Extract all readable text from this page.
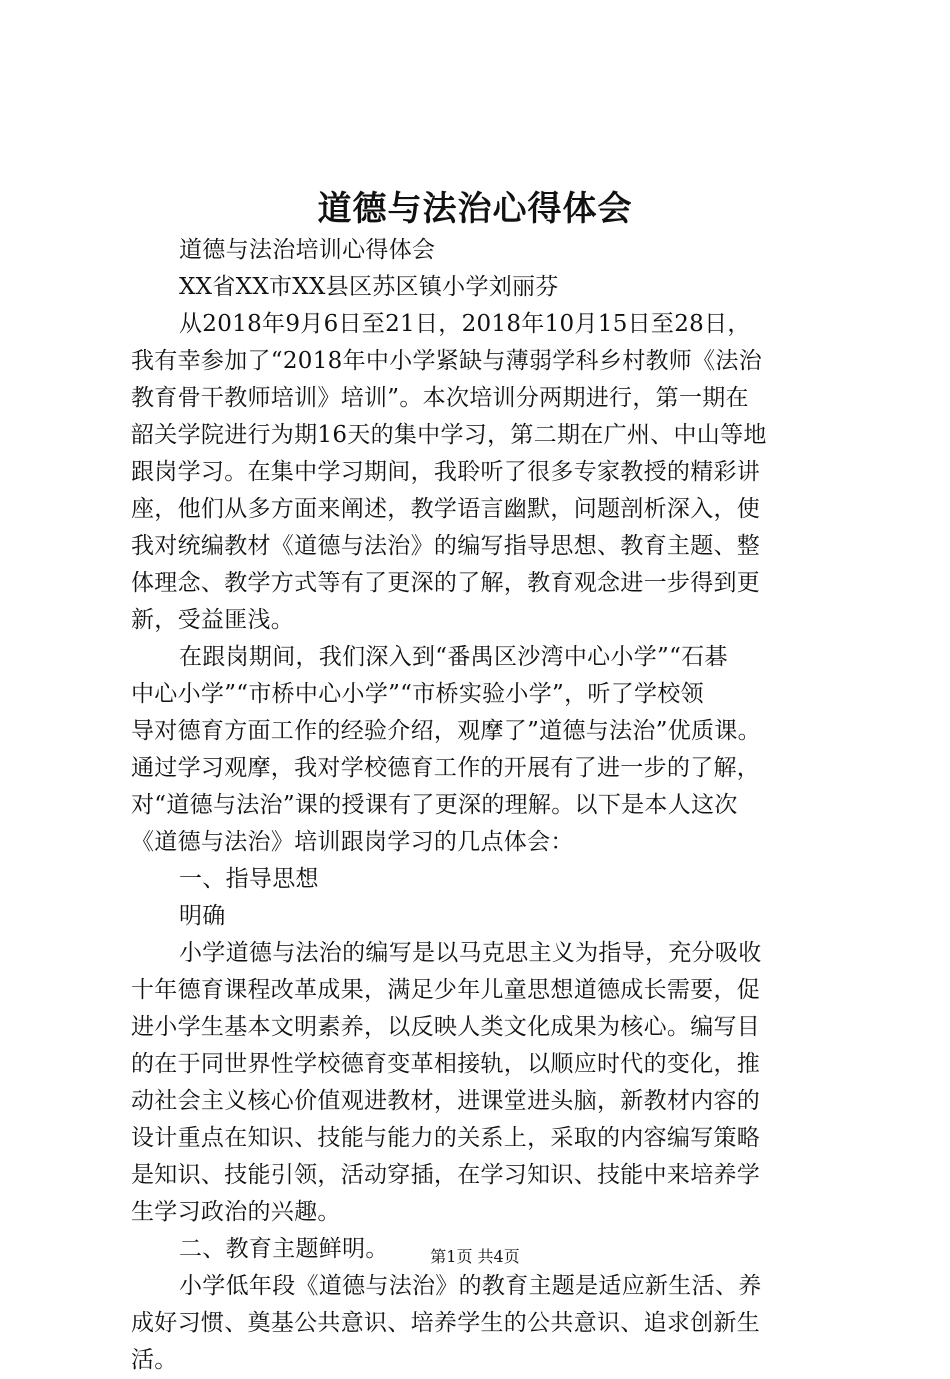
道德与法治心得体会
道德与法治培训心得体会
XX省XX市XX县区苏区镇小学刘丽芬
从2018年9月6日至21日，2018年10月15日至28日，
我有幸参加了“2018年中小学紧缺与薄弱学科乡村教师《法治
教育骨干教师培训》培训”。本次培训分两期进行，第一期在
韶关学院进行为期16天的集中学习，第二期在广州、中山等地
跟岗学习。在集中学习期间，我聆听了很多专家教授的精彩讲
座，他们从多方面来阐述，教学语言幽默，问题剖析深入，使
我对统编教材《道德与法治》的编写指导思想、教育主题、整
体理念、教学方式等有了更深的了解，教育观念进一步得到更
新，受益匪浅。
在跟岗期间，我们深入到“番禺区沙湾中心小学”“石碁
中心小学”“市桥中心小学”“市桥实验小学”，听了学校领
导对德育方面工作的经验介绍，观摩了”道德与法治”优质课。
通过学习观摩，我对学校德育工作的开展有了进一步的了解，
对“道德与法治”课的授课有了更深的理解。以下是本人这次
《道德与法治》培训跟岗学习的几点体会：
一、指导思想
明确
小学道德与法治的编写是以马克思主义为指导，充分吸收
十年德育课程改革成果，满足少年儿童思想道德成长需要，促
进小学生基本文明素养，以反映人类文化成果为核心。编写目
的在于同世界性学校德育变革相接轨，以顺应时代的变化，推
动社会主义核心价值观进教材，进课堂进头脑，新教材内容的
设计重点在知识、技能与能力的关系上，采取的内容编写策略
是知识、技能引领，活动穿插，在学习知识、技能中来培养学
生学习政治的兴趣。
二、教育主题鲜明。
小学低年段《道德与法治》的教育主题是适应新生活、养
成好习惯、奠基公共意识、培养学生的公共意识、追求创新生
活。
第1页 共4页
